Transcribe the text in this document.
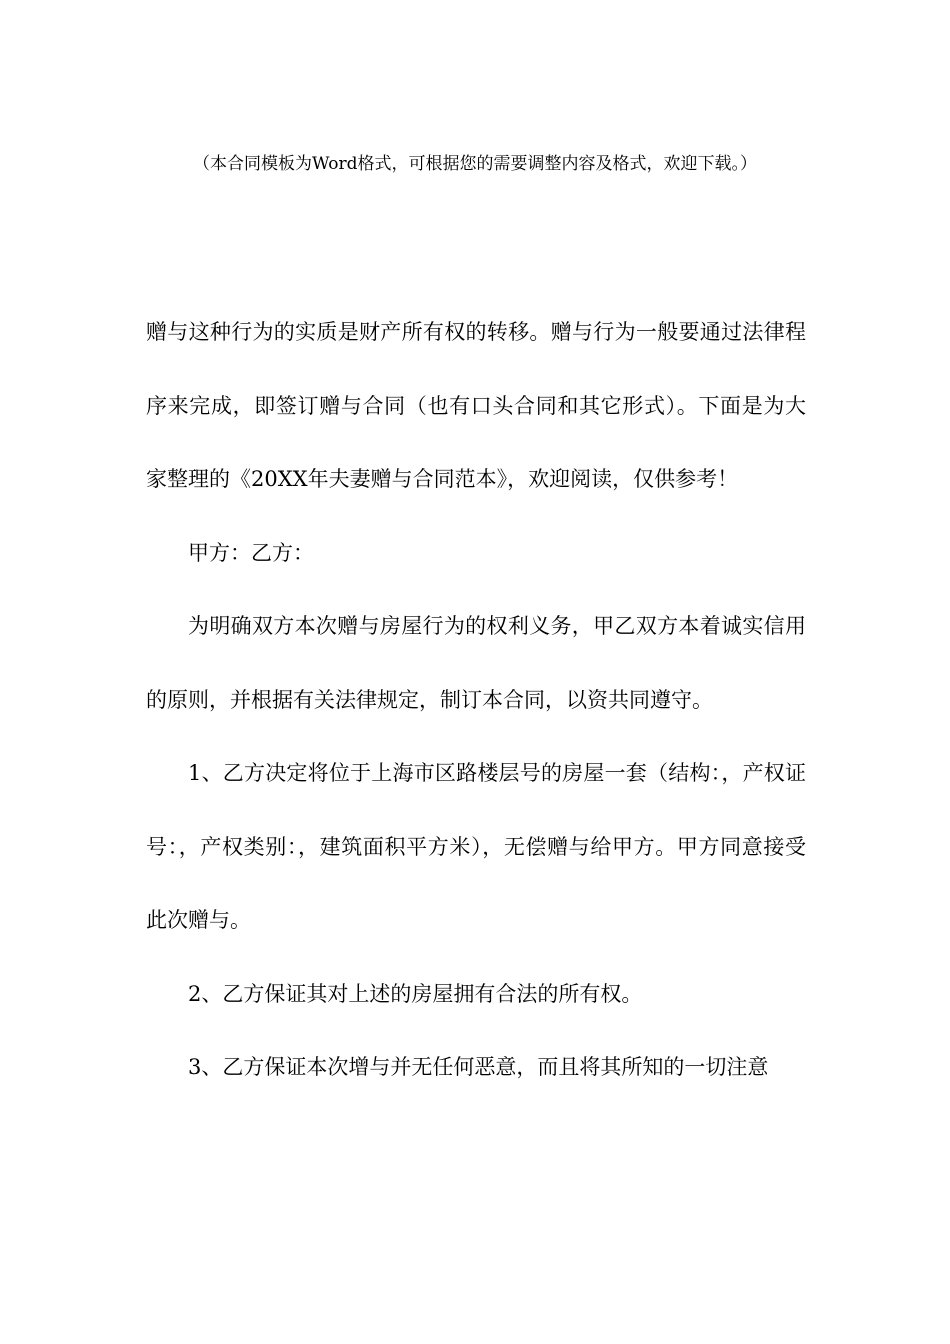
（本合同模板为Word格式，可根据您的需要调整内容及格式，欢迎下载。）

赠与这种行为的实质是财产所有权的转移。赠与行为一般要通过法律程序来完成，即签订赠与合同（也有口头合同和其它形式）。下面是为大家整理的《20XX年夫妻赠与合同范本》，欢迎阅读，仅供参考！

甲方：乙方：

为明确双方本次赠与房屋行为的权利义务，甲乙双方本着诚实信用的原则，并根据有关法律规定，制订本合同，以资共同遵守。

1、乙方决定将位于上海市区路楼层号的房屋一套（结构：，产权证号：，产权类别：，建筑面积平方米），无偿赠与给甲方。甲方同意接受此次赠与。

2、乙方保证其对上述的房屋拥有合法的所有权。

3、乙方保证本次增与并无任何恶意，而且将其所知的一切注意
